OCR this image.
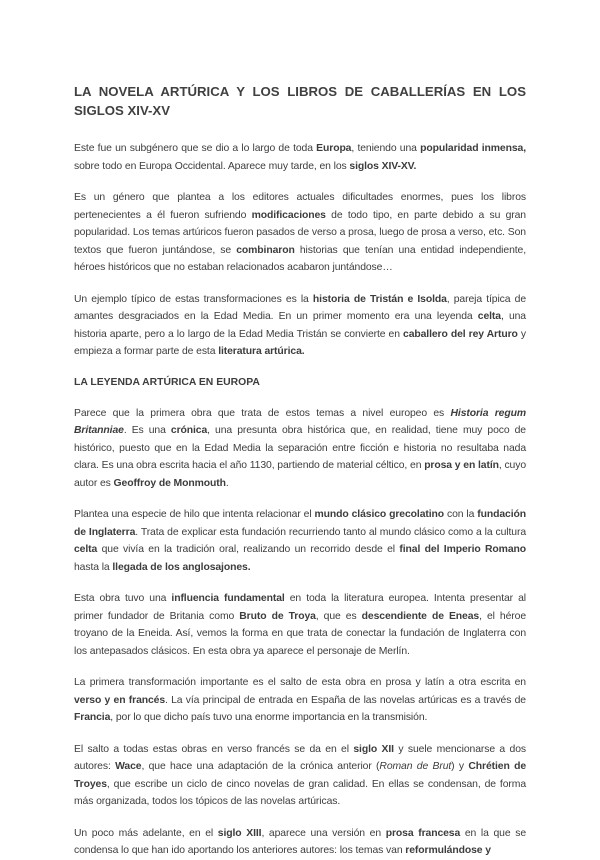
LA NOVELA ARTÚRICA Y LOS LIBROS DE CABALLERÍAS EN LOS SIGLOS XIV-XV

Este fue un subgénero que se dio a lo largo de toda Europa, teniendo una popularidad inmensa, sobre todo en Europa Occidental. Aparece muy tarde, en los siglos XIV-XV.

Es un género que plantea a los editores actuales dificultades enormes, pues los libros pertenecientes a él fueron sufriendo modificaciones de todo tipo, en parte debido a su gran popularidad. Los temas artúricos fueron pasados de verso a prosa, luego de prosa a verso, etc. Son textos que fueron juntándose, se combinaron historias que tenían una entidad independiente, héroes históricos que no estaban relacionados acabaron juntándose…

Un ejemplo típico de estas transformaciones es la historia de Tristán e Isolda, pareja típica de amantes desgraciados en la Edad Media. En un primer momento era una leyenda celta, una historia aparte, pero a lo largo de la Edad Media Tristán se convierte en caballero del rey Arturo y empieza a formar parte de esta literatura artúrica.

LA LEYENDA ARTÚRICA EN EUROPA

Parece que la primera obra que trata de estos temas a nivel europeo es Historia regum Britanniae. Es una crónica, una presunta obra histórica que, en realidad, tiene muy poco de histórico, puesto que en la Edad Media la separación entre ficción e historia no resultaba nada clara. Es una obra escrita hacia el año 1130, partiendo de material céltico, en prosa y en latín, cuyo autor es Geoffroy de Monmouth.

Plantea una especie de hilo que intenta relacionar el mundo clásico grecolatino con la fundación de Inglaterra. Trata de explicar esta fundación recurriendo tanto al mundo clásico como a la cultura celta que vivía en la tradición oral, realizando un recorrido desde el final del Imperio Romano hasta la llegada de los anglosajones.

Esta obra tuvo una influencia fundamental en toda la literatura europea. Intenta presentar al primer fundador de Britania como Bruto de Troya, que es descendiente de Eneas, el héroe troyano de la Eneida. Así, vemos la forma en que trata de conectar la fundación de Inglaterra con los antepasados clásicos. En esta obra ya aparece el personaje de Merlín.

La primera transformación importante es el salto de esta obra en prosa y latín a otra escrita en verso y en francés. La vía principal de entrada en España de las novelas artúricas es a través de Francia, por lo que dicho país tuvo una enorme importancia en la transmisión.

El salto a todas estas obras en verso francés se da en el siglo XII y suele mencionarse a dos autores: Wace, que hace una adaptación de la crónica anterior (Roman de Brut) y Chrétien de Troyes, que escribe un ciclo de cinco novelas de gran calidad. En ellas se condensan, de forma más organizada, todos los tópicos de las novelas artúricas.

Un poco más adelante, en el siglo XIII, aparece una versión en prosa francesa en la que se condensa lo que han ido aportando los anteriores autores: los temas van reformulándose y
